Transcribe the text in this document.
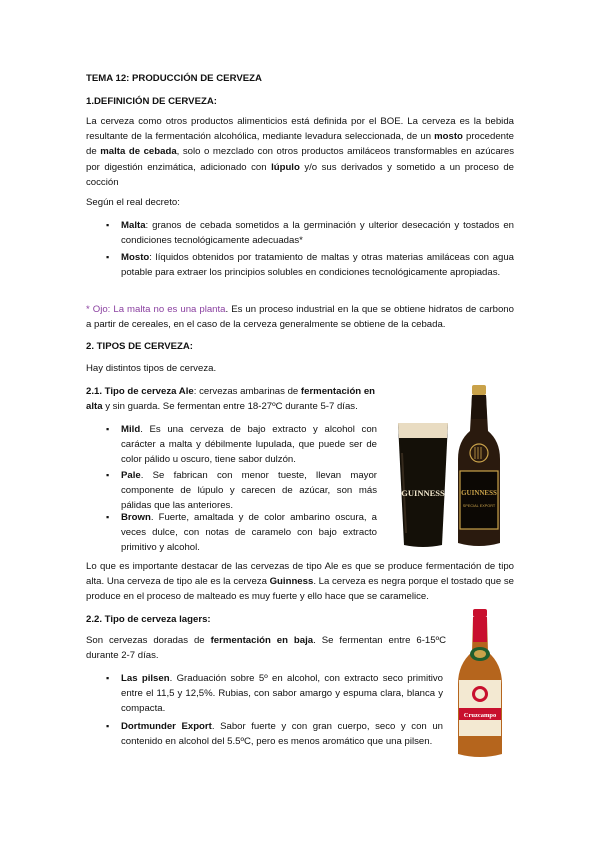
TEMA 12: PRODUCCIÓN DE CERVEZA

1.DEFINICIÓN DE CERVEZA:

La cerveza como otros productos alimenticios está definida por el BOE. La cerveza es la bebida resultante de la fermentación alcohólica, mediante levadura seleccionada, de un mosto procedente de malta de cebada, solo o mezclado con otros productos amiláceos transformables en azúcares por digestión enzimática, adicionado con lúpulo y/o sus derivados y sometido a un proceso de cocción

Según el real decreto:

▪ Malta: granos de cebada sometidos a la germinación y ulterior desecación y tostados en condiciones tecnológicamente adecuadas*

▪ Mosto: líquidos obtenidos por tratamiento de maltas y otras materias amiláceas con agua potable para extraer los principios solubles en condiciones tecnológicamente apropiadas.

* Ojo: La malta no es una planta. Es un proceso industrial en la que se obtiene hidratos de carbono a partir de cereales, en el caso de la cerveza generalmente se obtiene de la cebada.

2. TIPOS DE CERVEZA:

Hay distintos tipos de cerveza.

2.1. Tipo de cerveza Ale: cervezas ambarinas de fermentación en alta y sin guarda. Se fermentan entre 18-27ºC durante 5-7 días.

▪ Mild. Es una cerveza de bajo extracto y alcohol con carácter a malta y débilmente lupulada, que puede ser de color pálido u oscuro, tiene sabor dulzón.

▪ Pale. Se fabrican con menor tueste, llevan mayor componente de lúpulo y carecen de azúcar, son más pálidas que las anteriores.

▪ Brown. Fuerte, amaltada y de color ambarino oscura, a veces dulce, con notas de caramelo con bajo extracto primitivo y alcohol.

GUINNESS GUINNESS
SPECIAL EXPORT

Lo que es importante destacar de las cervezas de tipo Ale es que se produce fermentación de tipo alta. Una cerveza de tipo ale es la cerveza Guinness. La cerveza es negra porque el tostado que se produce en el proceso de malteado es muy fuerte y ello hace que se caramelice.

2.2. Tipo de cerveza lagers:

Son cervezas doradas de fermentación en baja. Se fermentan entre 6-15ºC durante 2-7 días.

▪ Las pilsen. Graduación sobre 5º en alcohol, con extracto seco primitivo entre el 11,5 y 12,5%. Rubias, con sabor amargo y espuma clara, blanca y compacta.

▪ Dortmunder Export. Sabor fuerte y con gran cuerpo, seco y con un contenido en alcohol del 5.5ºC, pero es menos aromático que una pilsen.

Cruzcampo
